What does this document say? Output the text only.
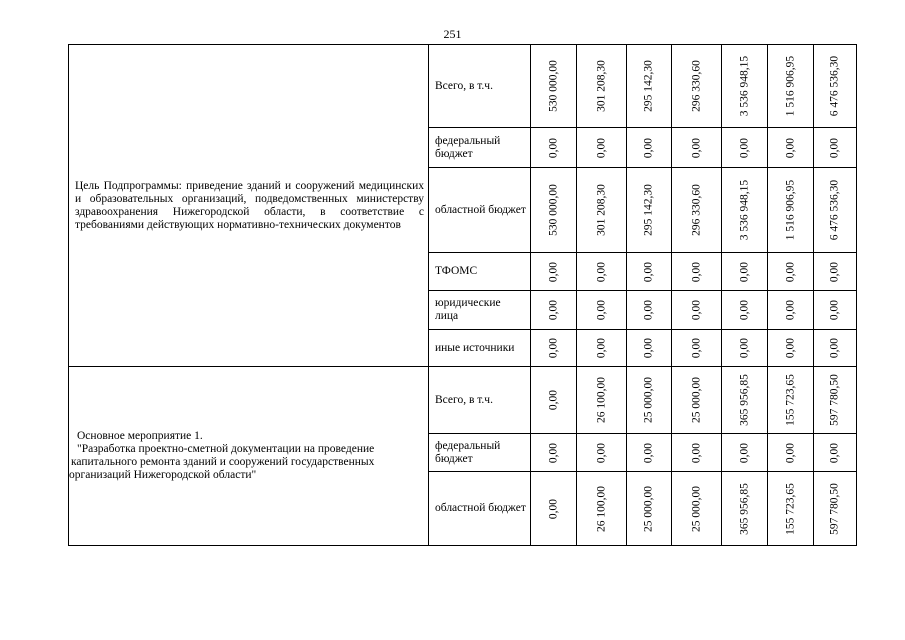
251
Цель Подпрограммы: приведение зданий и сооружений медицинских и образовательных организаций, подведомственных министерству здравоохранения Нижегородской области, в соответствие с требованиями действующих нормативно-технических документов	Всего, в т.ч.	530 000,00	301 208,30	295 142,30	296 330,60	3 536 948,15	1 516 906,95	6 476 536,30

	федеральный бюджет	0,00	0,00	0,00	0,00	0,00	0,00	0,00

	областной бюджет	530 000,00	301 208,30	295 142,30	296 330,60	3 536 948,15	1 516 906,95	6 476 536,30

	ТФОМС	0,00	0,00	0,00	0,00	0,00	0,00	0,00

	юридические лица	0,00	0,00	0,00	0,00	0,00	0,00	0,00

	иные источники	0,00	0,00	0,00	0,00	0,00	0,00	0,00

Основное мероприятие 1.
"Разработка проектно-сметной документации на проведение
капитального ремонта зданий и сооружений государственных
организаций Нижегородской области"	Всего, в т.ч.	0,00	26 100,00	25 000,00	25 000,00	365 956,85	155 723,65	597 780,50

	федеральный бюджет	0,00	0,00	0,00	0,00	0,00	0,00	0,00

	областной бюджет	0,00	26 100,00	25 000,00	25 000,00	365 956,85	155 723,65	597 780,50
